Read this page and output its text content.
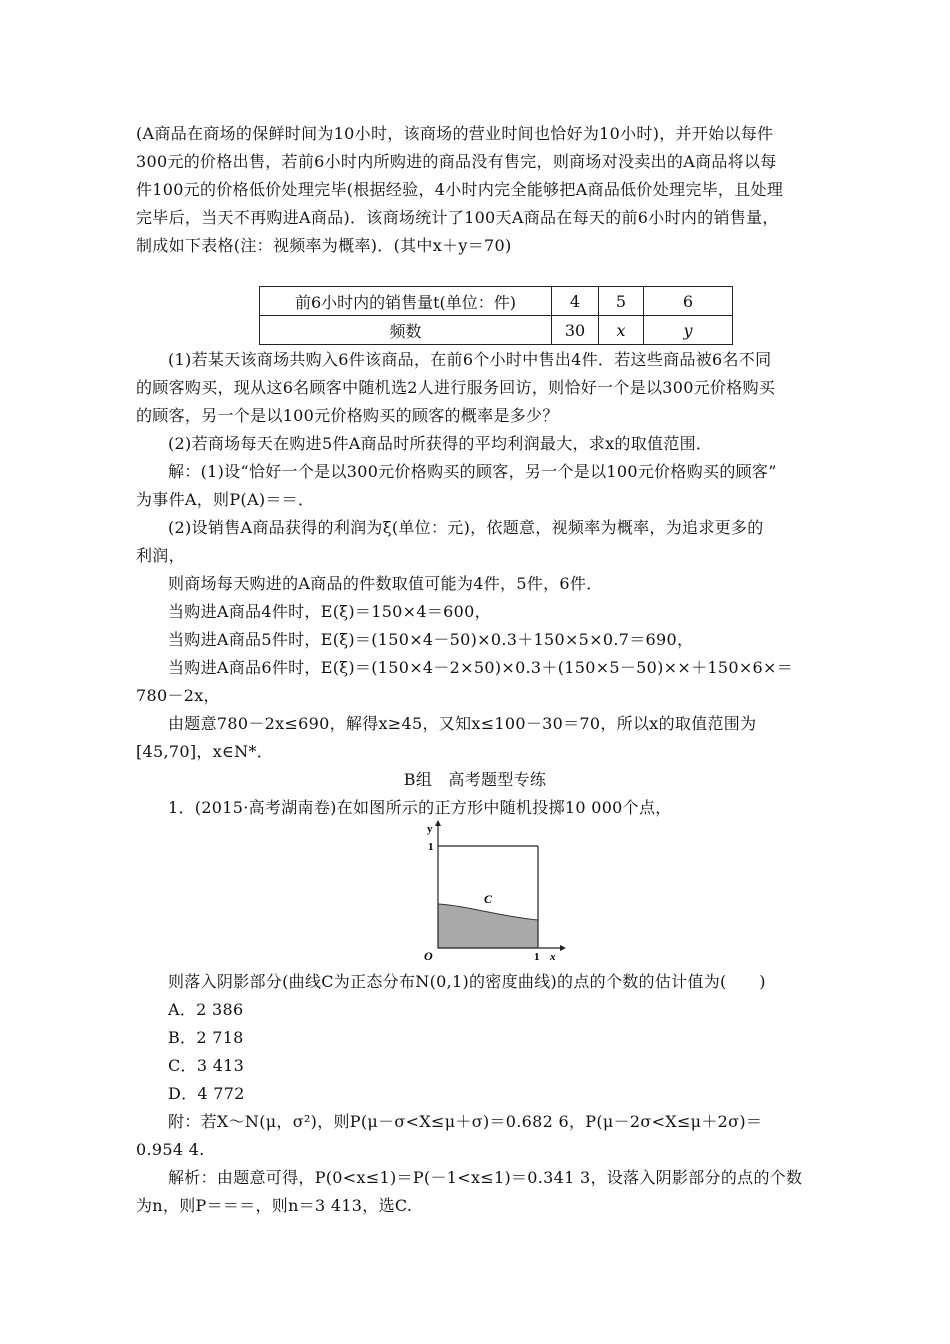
(A商品在商场的保鲜时间为10小时，该商场的营业时间也恰好为10小时)，并开始以每件
300元的价格出售，若前6小时内所购进的商品没有售完，则商场对没卖出的A商品将以每
件100元的价格低价处理完毕(根据经验，4小时内完全能够把A商品低价处理完毕，且处理
完毕后，当天不再购进A商品)．该商场统计了100天A商品在每天的前6小时内的销售量，
制成如下表格(注：视频率为概率)．(其中x＋y＝70)
前6小时内的销售量t(单位：件)	4	5	6
频数	30	x	y
(1)若某天该商场共购入6件该商品，在前6个小时中售出4件．若这些商品被6名不同
的顾客购买，现从这6名顾客中随机选2人进行服务回访，则恰好一个是以300元价格购买
的顾客，另一个是以100元价格购买的顾客的概率是多少？
(2)若商场每天在购进5件A商品时所获得的平均利润最大，求x的取值范围．
解：(1)设“恰好一个是以300元价格购买的顾客，另一个是以100元价格购买的顾客”
为事件A，则P(A)＝＝．
(2)设销售A商品获得的利润为ξ(单位：元)，依题意，视频率为概率，为追求更多的
利润，
则商场每天购进的A商品的件数取值可能为4件，5件，6件．
当购进A商品4件时，E(ξ)＝150×4＝600，
当购进A商品5件时，E(ξ)＝(150×4－50)×0.3＋150×5×0.7＝690，
当购进A商品6件时，E(ξ)＝(150×4－2×50)×0.3＋(150×5－50)××＋150×6×＝
780－2x，
由题意780－2x≤690，解得x≥45，又知x≤100－30＝70，所以x的取值范围为
[45,70]，x∈N*．
B组　高考题型专练
1．(2015·高考湖南卷)在如图所示的正方形中随机投掷10 000个点，
y
1
O	1 x
C
则落入阴影部分(曲线C为正态分布N(0,1)的密度曲线)的点的个数的估计值为(　　)
A．2 386
B．2 718
C．3 413
D．4 772
附：若X～N(μ，σ²)，则P(μ－σ<X≤μ＋σ)＝0.682 6，P(μ－2σ<X≤μ＋2σ)＝
0.954 4.
解析：由题意可得，P(0<x≤1)＝P(－1<x≤1)＝0.341 3，设落入阴影部分的点的个数
为n，则P＝＝＝，则n＝3 413，选C.
